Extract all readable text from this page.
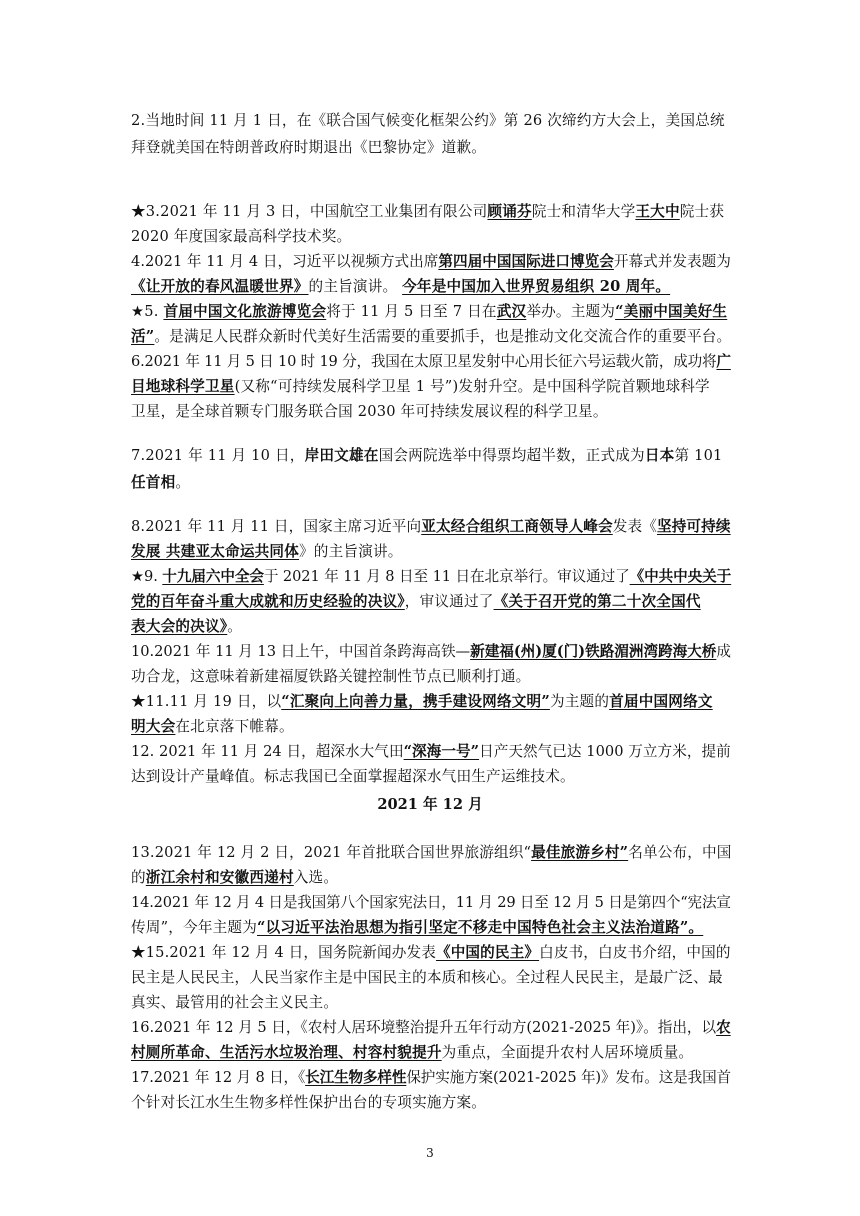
2.当地时间 11 月 1 日，在《联合国气候变化框架公约》第 26 次缔约方大会上，美国总统
拜登就美国在特朗普政府时期退出《巴黎协定》道歉。
★3.2021 年 11 月 3 日，中国航空工业集团有限公司顾诵芬院士和清华大学王大中院士获
2020 年度国家最高科学技术奖。
4.2021 年 11 月 4 日，习近平以视频方式出席第四届中国国际进口博览会开幕式并发表题为
《让开放的春风温暖世界》的主旨演讲。 今年是中国加入世界贸易组织 20 周年。
★5. 首届中国文化旅游博览会将于 11 月 5 日至 7 日在武汉举办。主题为“美丽中国美好生
活”。是满足人民群众新时代美好生活需要的重要抓手，也是推动文化交流合作的重要平台。
6.2021 年 11 月 5 日 10 时 19 分，我国在太原卫星发射中心用长征六号运载火箭，成功将广
目地球科学卫星(又称“可持续发展科学卫星 1 号”)发射升空。是中国科学院首颗地球科学
卫星，是全球首颗专门服务联合国 2030 年可持续发展议程的科学卫星。
7.2021 年 11 月 10 日，岸田文雄在国会两院选举中得票均超半数，正式成为日本第 101
任首相。
8.2021 年 11 月 11 日，国家主席习近平向亚太经合组织工商领导人峰会发表《坚持可持续
发展 共建亚太命运共同体》的主旨演讲。
★9. 十九届六中全会于 2021 年 11 月 8 日至 11 日在北京举行。审议通过了《中共中央关于
党的百年奋斗重大成就和历史经验的决议》，审议通过了《关于召开党的第二十次全国代
表大会的决议》。
10.2021 年 11 月 13 日上午，中国首条跨海高铁—新建福(州)厦(门)铁路湄洲湾跨海大桥成
功合龙，这意味着新建福厦铁路关键控制性节点已顺利打通。
★11.11 月 19 日，以“汇聚向上向善力量，携手建设网络文明”为主题的首届中国网络文
明大会在北京落下帷幕。
12. 2021 年 11 月 24 日，超深水大气田“深海一号”日产天然气已达 1000 万立方米，提前
达到设计产量峰值。标志我国已全面掌握超深水气田生产运维技术。
13.2021 年 12 月 2 日，2021 年首批联合国世界旅游组织“最佳旅游乡村”名单公布，中国
的浙江余村和安徽西递村入选。
14.2021 年 12 月 4 日是我国第八个国家宪法日，11 月 29 日至 12 月 5 日是第四个“宪法宣
传周”，今年主题为“以习近平法治思想为指引坚定不移走中国特色社会主义法治道路”。
★15.2021 年 12 月 4 日，国务院新闻办发表《中国的民主》白皮书，白皮书介绍，中国的
民主是人民民主，人民当家作主是中国民主的本质和核心。全过程人民民主，是最广泛、最
真实、最管用的社会主义民主。
16.2021 年 12 月 5 日，《农村人居环境整治提升五年行动方(2021-2025 年)》。指出，以农
村厕所革命、生活污水垃圾治理、村容村貌提升为重点，全面提升农村人居环境质量。
17.2021 年 12 月 8 日，《长江生物多样性保护实施方案(2021-2025 年)》发布。这是我国首
个针对长江水生生物多样性保护出台的专项实施方案。
2021 年 12 月
3
